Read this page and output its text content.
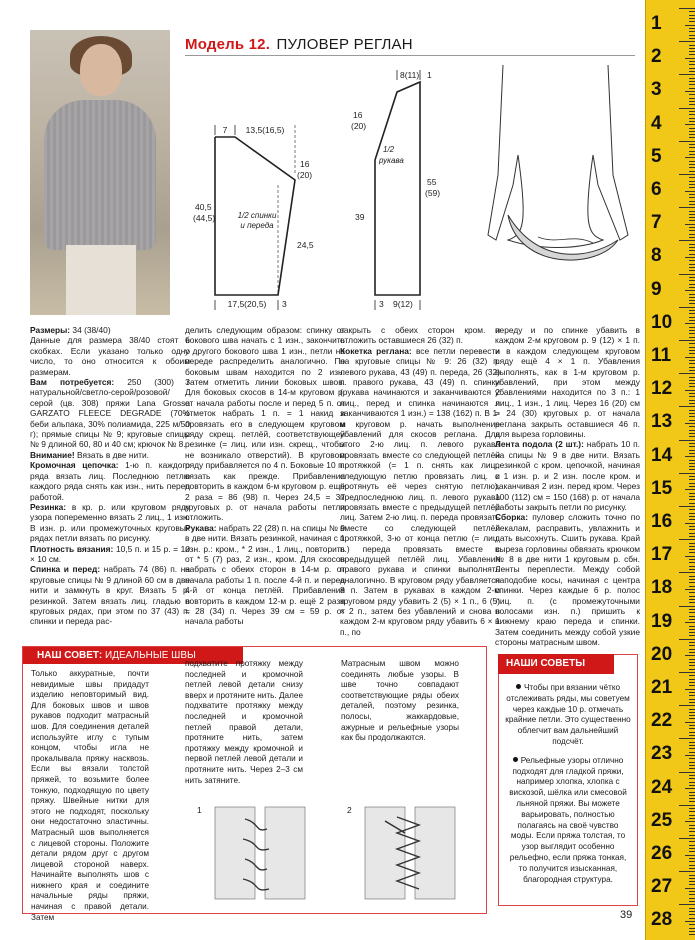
Модель 12. ПУЛОВЕР РЕГЛАН
7 13,5(16,5)
16
(20)
40,5
(44,5)
24,5
17,5(20,5) 3
1/2 спинки
и переда
8(11) 1
16
(20)
39
55
(59)
3 9(12)
1/2
рукава

Размеры: 34 (38/40)

Данные для размера 38/40 стоят в скобках. Если указано только одно число, то оно относится к обоим размерам.

Вам потребуется: 250 (300) г натуральной/светло-серой/розовой/серой (цв. 308) пряжи Lana Grossa GARZATO FLEECE DEGRADE (70% беби альпака, 30% полиамида, 225 м/50 г); прямые спицы № 9; круговые спицы № 9 длиной 60, 80 и 40 см; крючок № 8.

Внимание! Вязать в две нити.

Кромочная цепочка: 1-ю п. каждого ряда вязать лиц. Последнюю петлю каждого ряда снять как изн., нить перед работой.

Резинка: в кр. р. или круговом ряду узора попеременно вязать 2 лиц., 1 изн. В изн. р. или промежуточных круговых рядах петли вязать по рисунку.

Плотность вязания: 10,5 п. и 15 р. = 10 × 10 см.

Спинка и перед: набрать 74 (86) п. на круговые спицы № 9 длиной 60 см в две нити и замкнуть в круг. Вязать 5 р. резинкой. Затем вязать лиц. гладью в круговых рядах, при этом по 37 (43) п. спинки и переда рас-

делить следующим образом: спинку от бокового шва начать с 1 изн., закончить у другого бокового шва 1 изн., петли на переде распределить аналогично. По боковым швам находится по 2 изн. Затем отметить линии боковых швов. Для боковых скосов в 14-м круговом р. от начала работы после и перед 5 п. от отметок набрать 1 п. = 1 накид и провязать его в следующем круговом ряду скрещ. петлёй, соответствующей резинке (= лиц. или изн. скрещ., чтобы не возникало отверстий). В круговом ряду прибавляется по 4 п. Боковые 10 п. вязать как прежде. Прибавления повторить в каждом 6-м круговом р. ещё 2 раза = 86 (98) п. Через 24,5 = 37 круговых р. от начала работы петли отложить.

Рукава: набрать 22 (28) п. на спицы № 9 в две нити. Вязать резинкой, начиная с 1 изн. р.: кром., * 2 изн., 1 лиц., повторить от * 5 (7) раз, 2 изн., кром. Для скосов набрать с обеих сторон в 14-м р. от начала работы 1 п. после 4-й п. и перед 4-й от конца петлёй. Прибавления повторить в каждом 12-м р. ещё 2 раза = 28 (34) п. Через 39 см = 59 р. от начала работы

закрыть с обеих сторон кром. и отложить оставшиеся 26 (32) п.

Кокетка реглана: все петли перевести на круговые спицы № 9: 26 (32) п. левого рукава, 43 (49) п. переда, 26 (32) п. правого рукава, 43 (49) п. спинки (рукава начинаются и заканчиваются 2 лиц., перед и спинка начинаются и заканчиваются 1 изн.) = 138 (162) п. В 1-м круговом р. начать выполнение убавлений для скосов реглана. Для этого 2-ю лиц. п. левого рукава провязать вместе со следующей петлёй протяжкой (= 1 п. снять как лиц., следующую петлю провязать лиц. и протянуть её через снятую петлю), предпоследнюю лиц. п. левого рукава провязать вместе с предыдущей петлёй лиц. Затем 2-ю лиц. п. переда провязать вместе со следующей петлёй протяжкой, 3-ю от конца петлю (= лиц. п.) переда провязать вместе с предыдущей петлёй лиц. Убавления правого рукава и спинки выполнять аналогично. В круговом ряду убавляется 8 п. Затем в рукавах в каждом 2-м круговом ряду убавить 2 (5) × 1 п., 6 (5) × 2 п., затем без убавлений и снова в каждом 2-м круговом ряду убавить 6 × 1 п., по

переду и по спинке убавить в каждом 2-м круговом р. 9 (12) × 1 п. и в каждом следующем круговом ряду ещё 4 × 1 п. Убавления выполнять, как в 1-м круговом р. убавлений, при этом между убавлениями находится по 3 п.: 1 лиц., 1 изн., 1 лиц. Через 16 (20) см = 24 (30) круговых р. от начала реглана закрыть оставшиеся 46 п. для выреза горловины.

Лента подола (2 шт.): набрать 10 п. на спицы № 9 в две нити. Вязать резинкой с кром. цепочкой, начиная с 1 изн. р. и 2 изн. после кром. и заканчивая 2 изн. перед кром. Через 100 (112) см = 150 (168) р. от начала работы закрыть петли по рисунку.

Сборка: пуловер сложить точно по лекалам, расправить, увлажнить и дать высохнуть. Сшить рукава. Край выреза горловины обвязать крючком № 8 в две нити 1 круговым р. сбн. Ленты переплести. Между собой наподобие косы, начиная с центра спинки. Через каждые 6 р. полос лиц. п. (с промежуточными полосами изн. п.) пришить к нижнему краю переда и спинки. Затем соединить между собой узкие стороны матрасным швом.

НАШ СОВЕТ: ИДЕАЛЬНЫЕ ШВЫ
Только аккуратные, почти невидимые швы придадут изделию неповторимый вид. Для боковых швов и швов рукавов подходит матрасный шов. Для соединения деталей используйте иглу с тупым концом, чтобы игла не прокалывала пряжу насквозь. Если вы вязали толстой пряжей, то возьмите более тонкую, подходящую по цвету пряжу. Швейные нитки для этого не подходят, поскольку они недостаточно эластичны. Матрасный шов выполняется с лицевой стороны. Положите детали рядом друг с другом лицевой стороной наверх. Начинайте выполнять шов с нижнего края и соедините начальные ряды пряжи, начиная с правой детали. Затем
подхватите протяжку между последней и кромочной петлей левой детали снизу вверх и протяните нить. Далее подхватите протяжку между последней и кромочной петлей правой детали, протяните нить, затем протяжку между кромочной и первой петлей левой детали и протяните нить. Через 2–3 см нить затяните.
Матрасным швом можно соединять любые узоры. В шве точно совпадают соответствующие ряды обеих деталей, поэтому резинка, полосы, жаккардовые, ажурные и рельефные узоры как бы продолжаются.
1	2
НАШИ СОВЕТЫ
Чтобы при вязании чётко отслеживать ряды, мы советуем через каждые 10 р. отмечать крайние петли. Это существенно облегчит вам дальнейший подсчёт.
Рельефные узоры отлично подходят для гладкой пряжи, например хлопка, хлопка с вискозой, шёлка или смесовой льняной пряжи. Вы можете варьировать, полностью полагаясь на своё чувство моды. Если пряжа толстая, то узор выглядит особенно рельефно, если пряжа тонкая, то получится изысканная, благородная структура.
1
2
3
4
5
6
7
8
9
10
11
12
13
14
15
16
17
18
19
20
21
22
23
24
25
26
27
28
39
